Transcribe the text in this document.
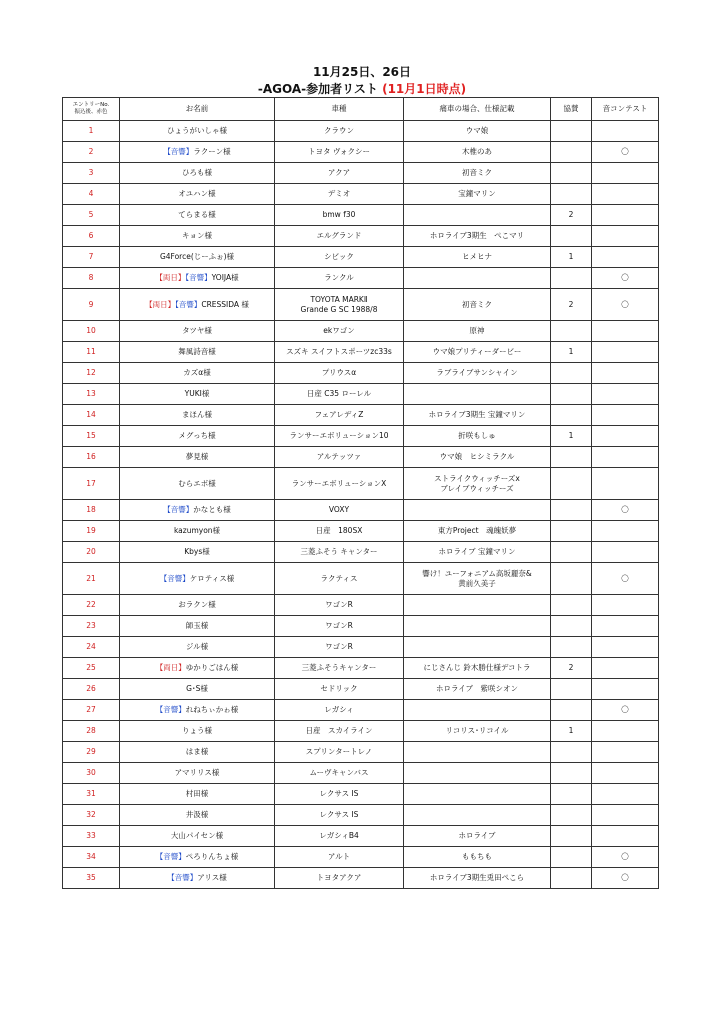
11月25日、26日
-AGOA-参加者リスト (11月1日時点)
エントリーNo.
振込後、赤色	お名前	車種	痛車の場合、仕様記載	協賛	音コンテスト
1	ひょうがいしゃ様	クラウン	ウマ娘		

2	【音響】ラクーン様	トヨタ ヴォクシー	木椎のあ		〇
3	ひろも様	アクア	初音ミク		

4	オユハン様	デミオ	宝鐘マリン		

5	てらまる様	bmw f30		2	
6	キョン様	エルグランド	ホロライブ3期生　ぺこマリ		

7	G4Force(じーふぉ)様	シビック	ヒメヒナ	1	
8	【両日】【音響】YOIJA様	ランクル			〇
9	【両日】【音響】CRESSIDA 様	TOYOTA MARKⅡ
Grande G SC 1988/8	初音ミク	2	〇
10	タツヤ様	ekワゴン	原神		

11	舞風詩音様	スズキ スイフトスポーツzc33s	ウマ娘プリティーダービー	1	
12	カズα様	プリウスα	ラブライブサンシャイン		

13	YUKI様	日産 C35 ローレル			

14	まほん様	フェアレディZ	ホロライブ3期生 宝鐘マリン		

15	メグっち様	ランサーエボリューション10	折咲もしゅ	1	
16	夢見様	アルテッツァ	ウマ娘　ヒシミラクル		

17	むらエボ様	ランサーエボリューションX	ストライクウィッチーズx
ブレイブウィッチーズ		

18	【音響】かなとも様	VOXY			〇
19	kazumyon様	日産　180SX	東方Project　魂魄妖夢		

20	Kbys様	三菱ふそう キャンター	ホロライブ 宝鐘マリン		

21	【音響】ケロティス様	ラクティス	響け！ユーフォニアム高坂麗奈&
黄前久美子		〇
22	おラクン様	ワゴンR			

23	師玉様	ワゴンR			

24	ジル様	ワゴンR			

25	【両日】ゆかりごはん様	三菱ふそうキャンター	にじさんじ 鈴木勝仕様デコトラ	2	
26	G･S様	セドリック	ホロライブ　紫咲シオン		

27	【音響】れねちぃかゎ様	レガシィ			〇
28	りょう様	日産　スカイライン	リコリス･リコイル	1	
29	はま様	スプリンタートレノ			

30	アマリリス様	ムーヴキャンバス			

31	村田様	レクサス IS			

32	井汲様	レクサス IS			

33	大山パイセン様	レガシィB4	ホロライブ		

34	【音響】ぺろりんちょ様	アルト	ももちも		〇
35	【音響】アリス様	トヨタアクア	ホロライブ3期生兎田ぺこら		〇
